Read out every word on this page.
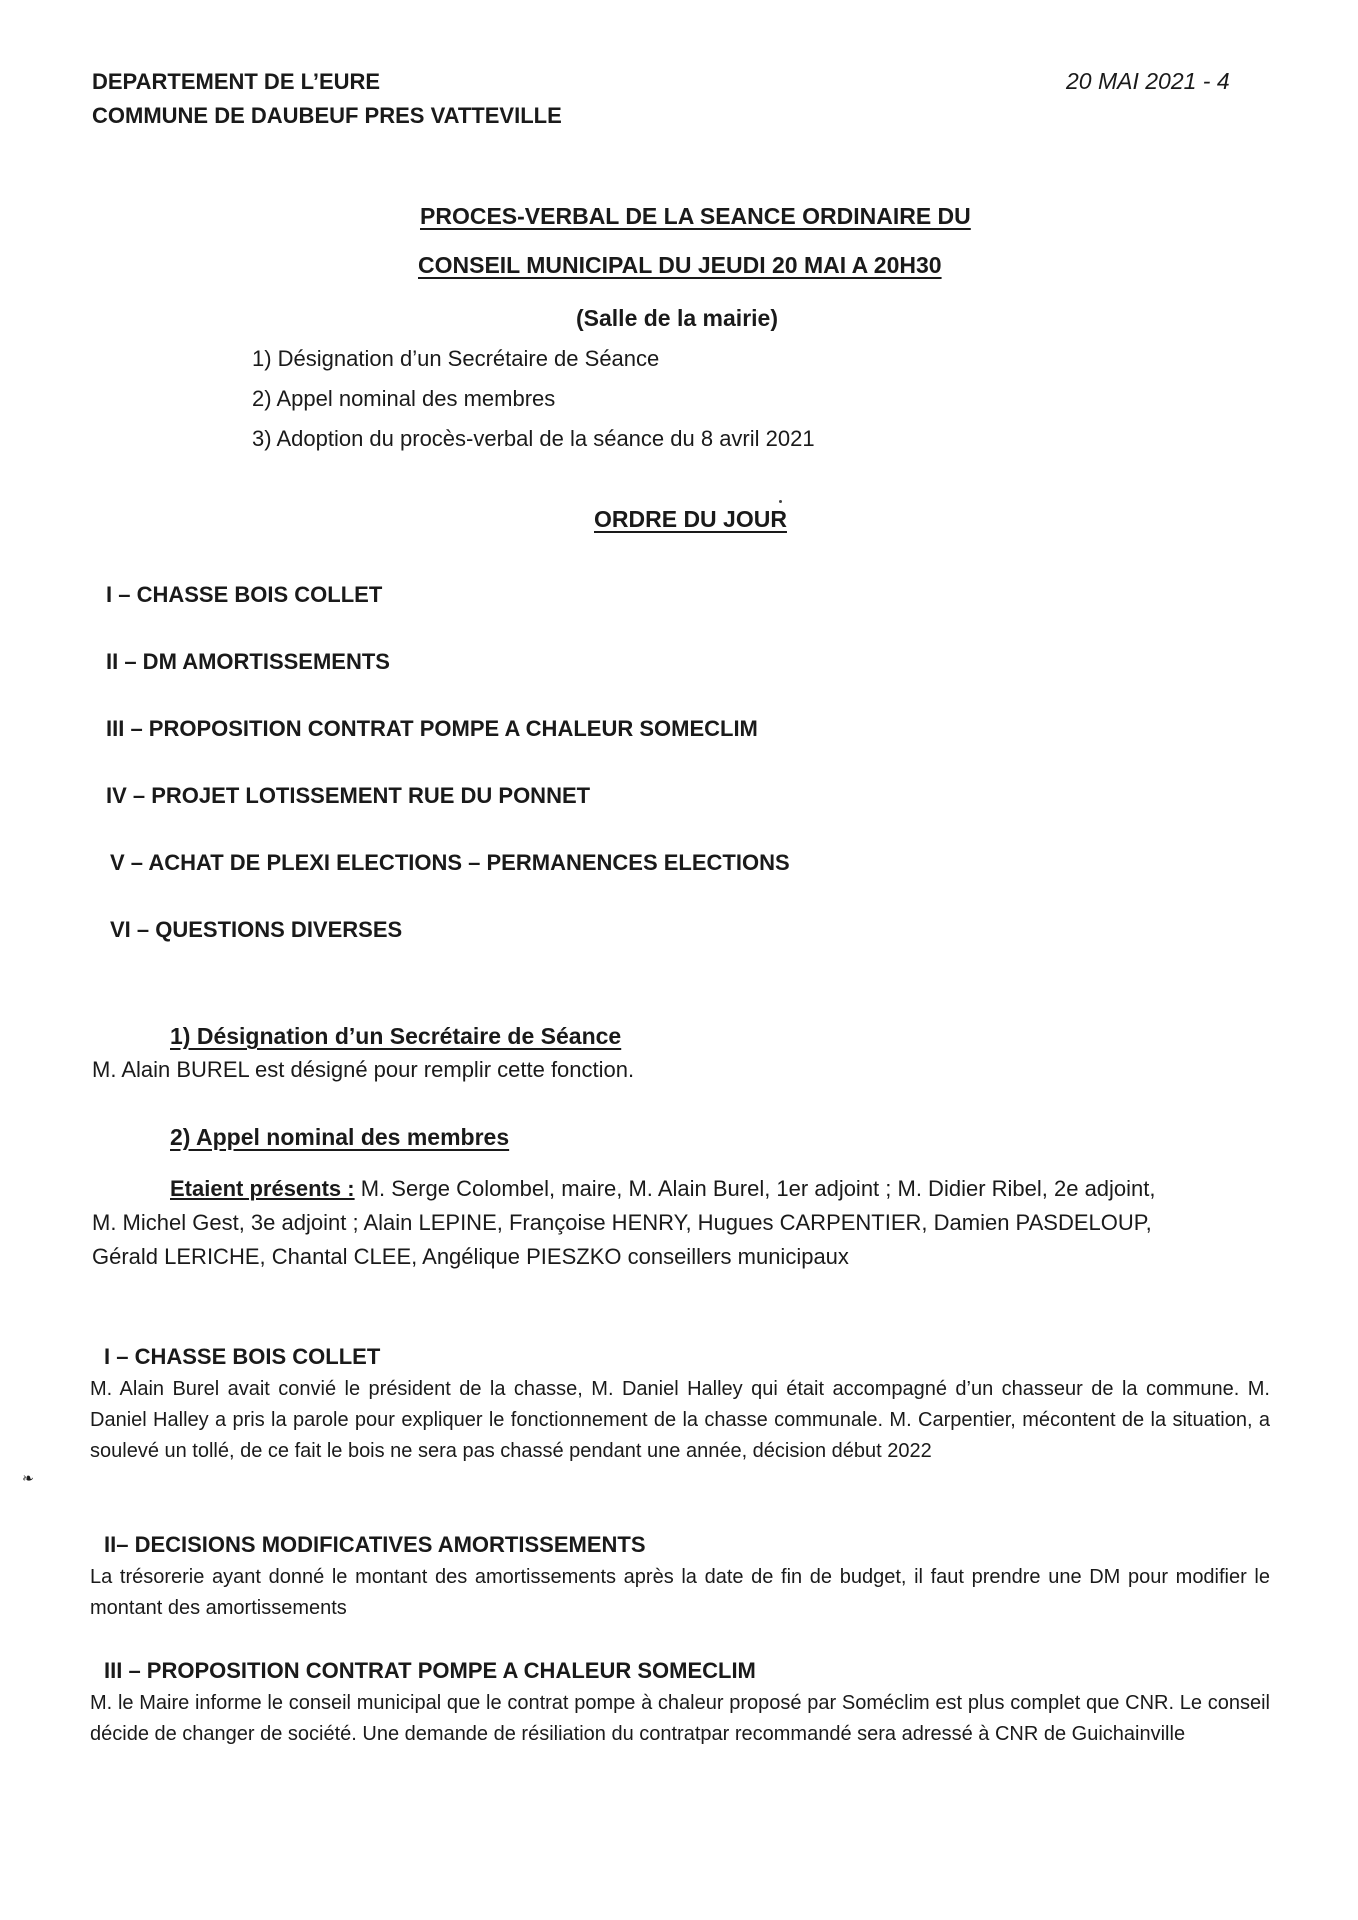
DEPARTEMENT DE L’EURE
COMMUNE DE DAUBEUF PRES VATTEVILLE
20 MAI 2021 - 4
PROCES-VERBAL DE LA SEANCE ORDINAIRE DU
CONSEIL MUNICIPAL DU JEUDI 20 MAI A 20H30
(Salle de la mairie)
1) Désignation d’un Secrétaire de Séance
2) Appel nominal des membres
3) Adoption du procès-verbal de la séance du 8 avril 2021
ORDRE DU JOUR
I – CHASSE BOIS COLLET
II – DM AMORTISSEMENTS
III – PROPOSITION CONTRAT POMPE A CHALEUR SOMECLIM
IV – PROJET LOTISSEMENT RUE DU PONNET
V – ACHAT DE PLEXI ELECTIONS – PERMANENCES ELECTIONS
VI – QUESTIONS DIVERSES
1) Désignation d’un Secrétaire de Séance
M. Alain BUREL est désigné pour remplir cette fonction.
2) Appel nominal des membres
Etaient présents : M. Serge Colombel, maire, M. Alain Burel, 1er adjoint ; M. Didier Ribel, 2e adjoint,
M. Michel Gest, 3e adjoint ; Alain LEPINE, Françoise HENRY, Hugues CARPENTIER, Damien PASDELOUP,
Gérald LERICHE, Chantal CLEE, Angélique PIESZKO conseillers municipaux
I – CHASSE BOIS COLLET
M. Alain Burel avait convié le président de la chasse, M. Daniel Halley qui était accompagné d’un chasseur de la commune. M. Daniel Halley a pris la parole pour expliquer le fonctionnement de la chasse communale. M. Carpentier, mécontent de la situation, a soulevé un tollé, de ce fait le bois ne sera pas chassé pendant une année, décision début 2022
❧
II– DECISIONS MODIFICATIVES AMORTISSEMENTS
La trésorerie ayant donné le montant des amortissements après la date de fin de budget, il faut prendre une DM pour modifier le montant des amortissements
III – PROPOSITION CONTRAT POMPE A CHALEUR SOMECLIM
M. le Maire informe le conseil municipal que le contrat pompe à chaleur proposé par Soméclim est plus complet que CNR. Le conseil décide de changer de société. Une demande de résiliation du contratpar recommandé sera adressé à CNR de Guichainville
